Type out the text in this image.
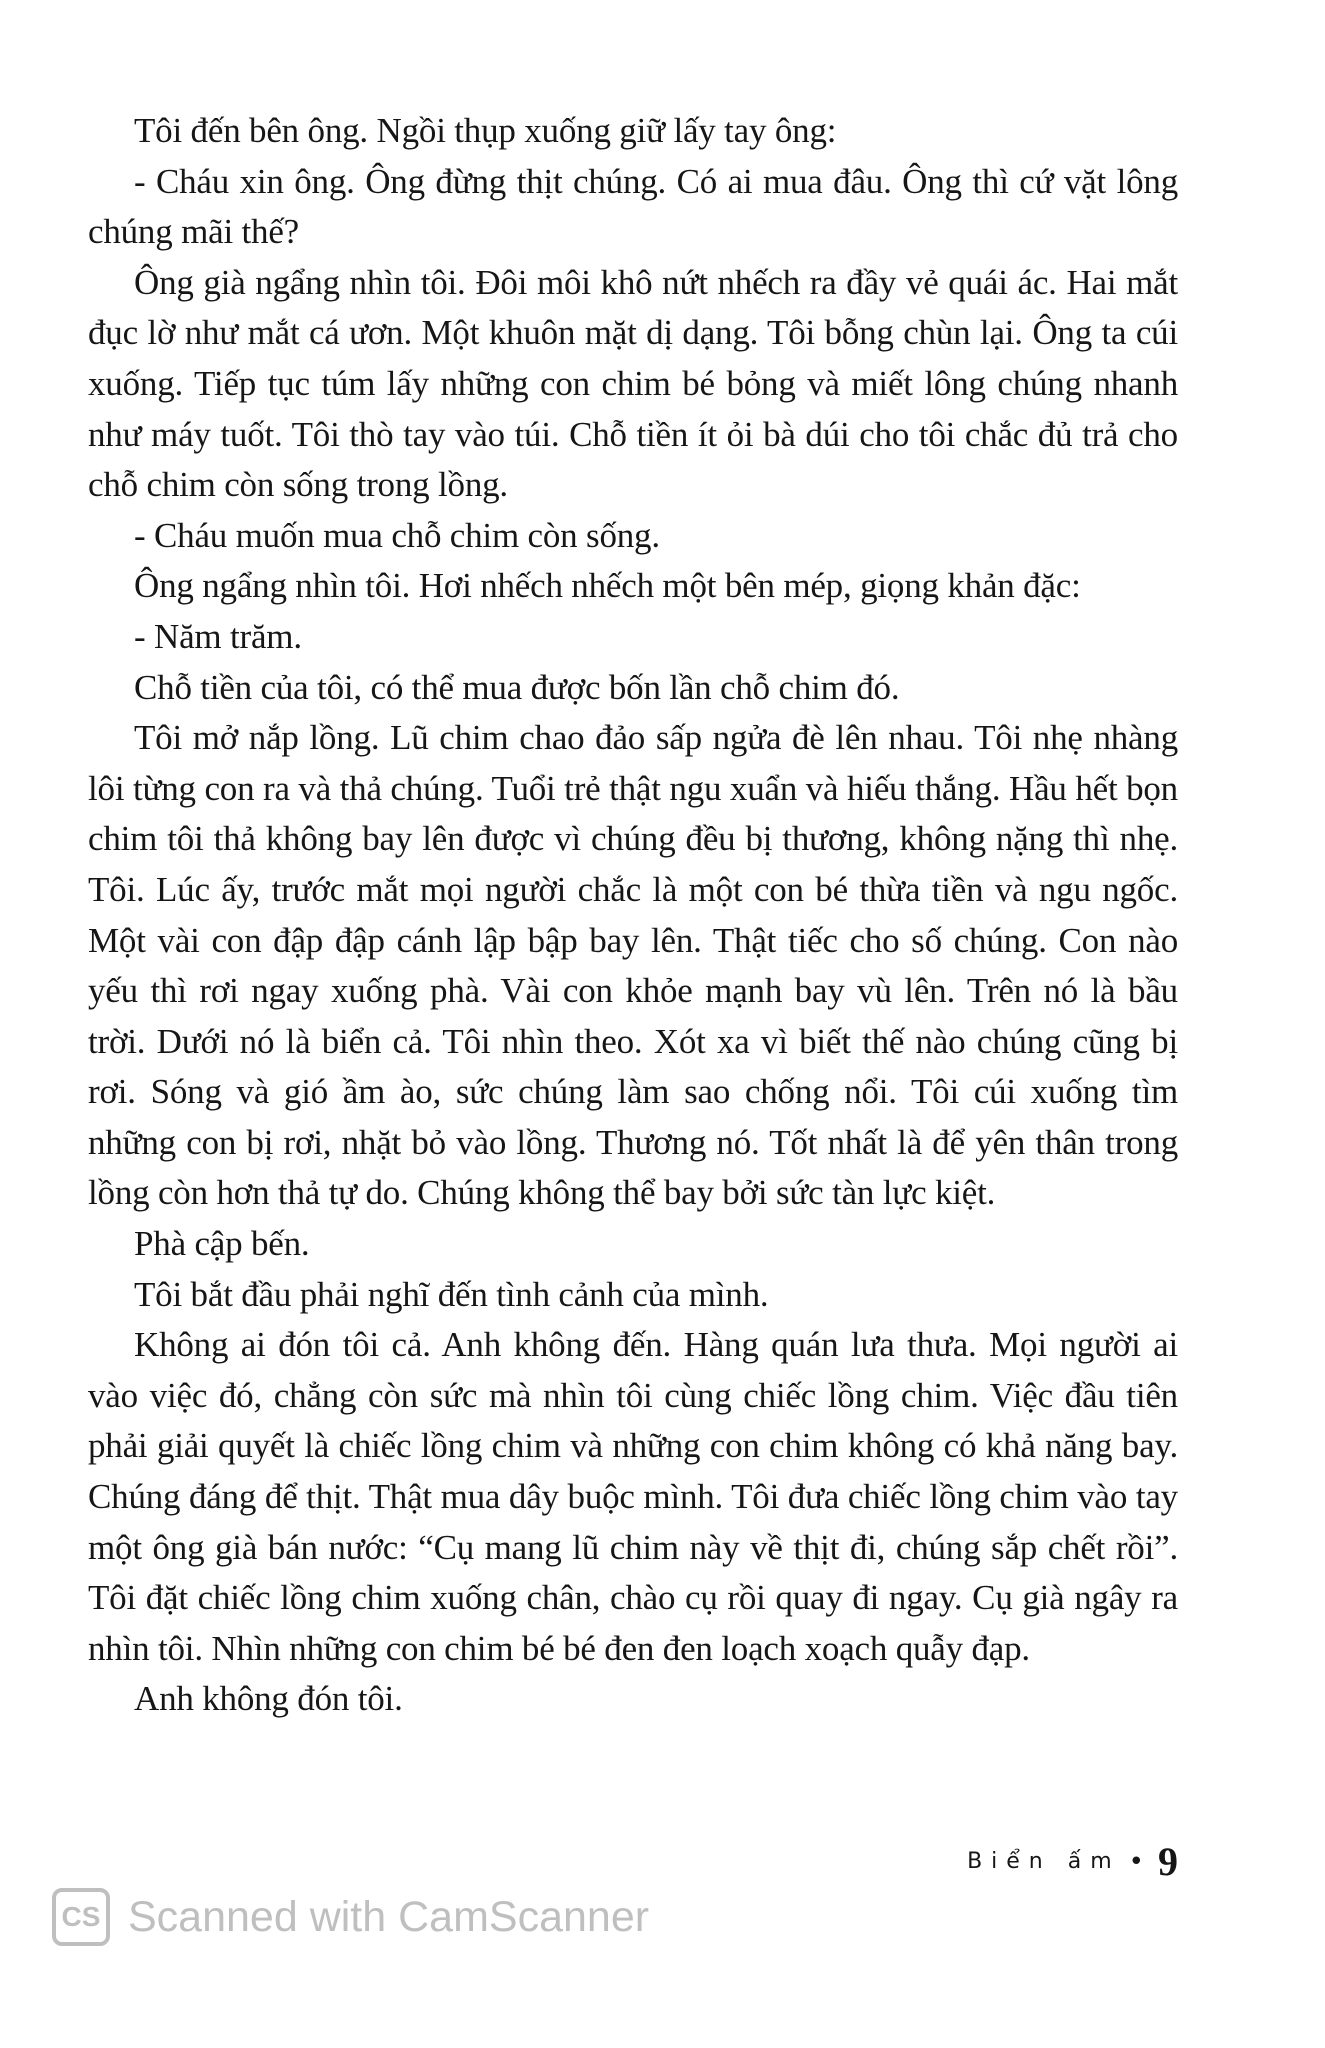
Tôi đến bên ông. Ngồi thụp xuống giữ lấy tay ông:

- Cháu xin ông. Ông đừng thịt chúng. Có ai mua đâu. Ông thì cứ vặt lông chúng mãi thế?

Ông già ngẩng nhìn tôi. Đôi môi khô nứt nhếch ra đầy vẻ quái ác. Hai mắt đục lờ như mắt cá ươn. Một khuôn mặt dị dạng. Tôi bỗng chùn lại. Ông ta cúi xuống. Tiếp tục túm lấy những con chim bé bỏng và miết lông chúng nhanh như máy tuốt. Tôi thò tay vào túi. Chỗ tiền ít ỏi bà dúi cho tôi chắc đủ trả cho chỗ chim còn sống trong lồng.

- Cháu muốn mua chỗ chim còn sống.

Ông ngẩng nhìn tôi. Hơi nhếch nhếch một bên mép, giọng khản đặc:

- Năm trăm.

Chỗ tiền của tôi, có thể mua được bốn lần chỗ chim đó.

Tôi mở nắp lồng. Lũ chim chao đảo sấp ngửa đè lên nhau. Tôi nhẹ nhàng lôi từng con ra và thả chúng. Tuổi trẻ thật ngu xuẩn và hiếu thắng. Hầu hết bọn chim tôi thả không bay lên được vì chúng đều bị thương, không nặng thì nhẹ. Tôi. Lúc ấy, trước mắt mọi người chắc là một con bé thừa tiền và ngu ngốc. Một vài con đập đập cánh lập bập bay lên. Thật tiếc cho số chúng. Con nào yếu thì rơi ngay xuống phà. Vài con khỏe mạnh bay vù lên. Trên nó là bầu trời. Dưới nó là biển cả. Tôi nhìn theo. Xót xa vì biết thế nào chúng cũng bị rơi. Sóng và gió ầm ào, sức chúng làm sao chống nổi. Tôi cúi xuống tìm những con bị rơi, nhặt bỏ vào lồng. Thương nó. Tốt nhất là để yên thân trong lồng còn hơn thả tự do. Chúng không thể bay bởi sức tàn lực kiệt.

Phà cập bến.

Tôi bắt đầu phải nghĩ đến tình cảnh của mình.

Không ai đón tôi cả. Anh không đến. Hàng quán lưa thưa. Mọi người ai vào việc đó, chẳng còn sức mà nhìn tôi cùng chiếc lồng chim. Việc đầu tiên phải giải quyết là chiếc lồng chim và những con chim không có khả năng bay. Chúng đáng để thịt. Thật mua dây buộc mình. Tôi đưa chiếc lồng chim vào tay một ông già bán nước: “Cụ mang lũ chim này về thịt đi, chúng sắp chết rồi”. Tôi đặt chiếc lồng chim xuống chân, chào cụ rồi quay đi ngay. Cụ già ngây ra nhìn tôi. Nhìn những con chim bé bé đen đen loạch xoạch quẫy đạp.

Anh không đón tôi.

Biển ấm • 9
CS Scanned with CamScanner
